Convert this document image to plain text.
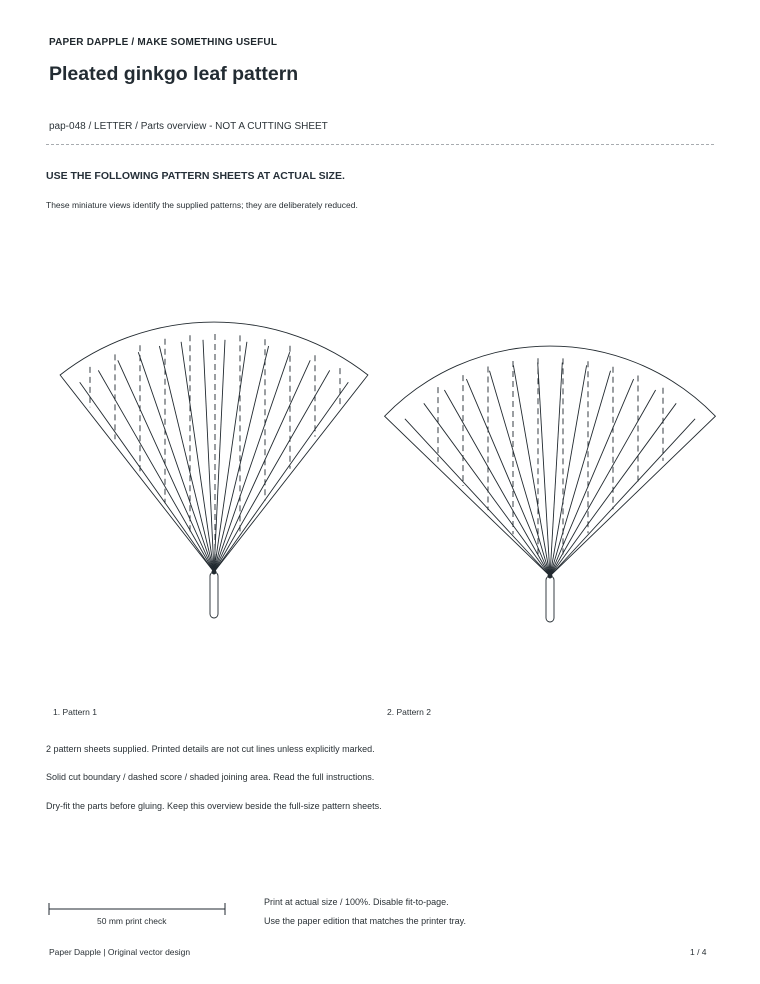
PAPER DAPPLE / MAKE SOMETHING USEFUL
Pleated ginkgo leaf pattern
pap-048 / LETTER / Parts overview - NOT A CUTTING SHEET
USE THE FOLLOWING PATTERN SHEETS AT ACTUAL SIZE.
These miniature views identify the supplied patterns; they are deliberately reduced.
1. Pattern 1	2. Pattern 2
2 pattern sheets supplied. Printed details are not cut lines unless explicitly marked.
Solid cut boundary / dashed score / shaded joining area. Read the full instructions.
Dry-fit the parts before gluing. Keep this overview beside the full-size pattern sheets.
50 mm print check
Print at actual size / 100%. Disable fit-to-page.
Use the paper edition that matches the printer tray.
Paper Dapple | Original vector design	1 / 4
